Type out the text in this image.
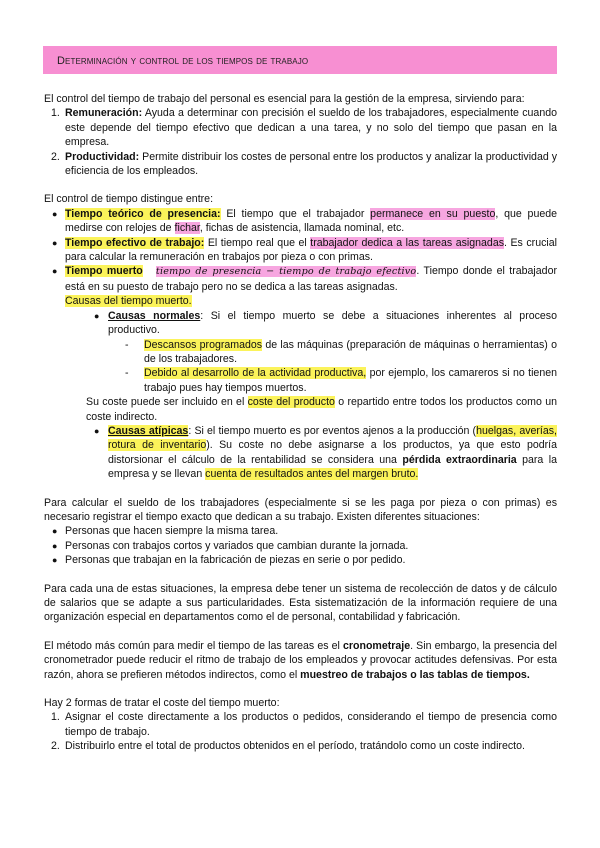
Determinación y control de los tiempos de trabajo

El control del tiempo de trabajo del personal es esencial para la gestión de la empresa, sirviendo para:

1. Remuneración: Ayuda a determinar con precisión el sueldo de los trabajadores, especialmente cuando este depende del tiempo efectivo que dedican a una tarea, y no solo del tiempo que pasan en la empresa.
2. Productividad: Permite distribuir los costes de personal entre los productos y analizar la productividad y eficiencia de los empleados.

El control de tiempo distingue entre:

● Tiempo teórico de presencia: El tiempo que el trabajador permanece en su puesto, que puede medirse con relojes de fichar, fichas de asistencia, llamada nominal, etc.
● Tiempo efectivo de trabajo: El tiempo real que el trabajador dedica a las tareas asignadas. Es crucial para calcular la remuneración en trabajos por pieza o con primas.
● Tiempo muerto tiempo de presencia − tiempo de trabajo efectivo. Tiempo donde el trabajador está en su puesto de trabajo pero no se dedica a las tareas asignadas.
Causas del tiempo muerto.
● Causas normales: Si el tiempo muerto se debe a situaciones inherentes al proceso productivo.
- Descansos programados de las máquinas (preparación de máquinas o herramientas) o de los trabajadores.
- Debido al desarrollo de la actividad productiva, por ejemplo, los camareros si no tienen trabajo pues hay tiempos muertos.

Su coste puede ser incluido en el coste del producto o repartido entre todos los productos como un coste indirecto.

● Causas atípicas: Si el tiempo muerto es por eventos ajenos a la producción (huelgas, averías, rotura de inventario). Su coste no debe asignarse a los productos, ya que esto podría distorsionar el cálculo de la rentabilidad se considera una pérdida extraordinaria para la empresa y se llevan cuenta de resultados antes del margen bruto.

Para calcular el sueldo de los trabajadores (especialmente si se les paga por pieza o con primas) es necesario registrar el tiempo exacto que dedican a su trabajo. Existen diferentes situaciones:

● Personas que hacen siempre la misma tarea.
● Personas con trabajos cortos y variados que cambian durante la jornada.
● Personas que trabajan en la fabricación de piezas en serie o por pedido.

Para cada una de estas situaciones, la empresa debe tener un sistema de recolección de datos y de cálculo de salarios que se adapte a sus particularidades. Esta sistematización de la información requiere de una organización especial en departamentos como el de personal, contabilidad y fabricación.

El método más común para medir el tiempo de las tareas es el cronometraje. Sin embargo, la presencia del cronometrador puede reducir el ritmo de trabajo de los empleados y provocar actitudes defensivas. Por esta razón, ahora se prefieren métodos indirectos, como el muestreo de trabajos o las tablas de tiempos.

Hay 2 formas de tratar el coste del tiempo muerto:

1. Asignar el coste directamente a los productos o pedidos, considerando el tiempo de presencia como tiempo de trabajo.
2. Distribuirlo entre el total de productos obtenidos en el período, tratándolo como un coste indirecto.
